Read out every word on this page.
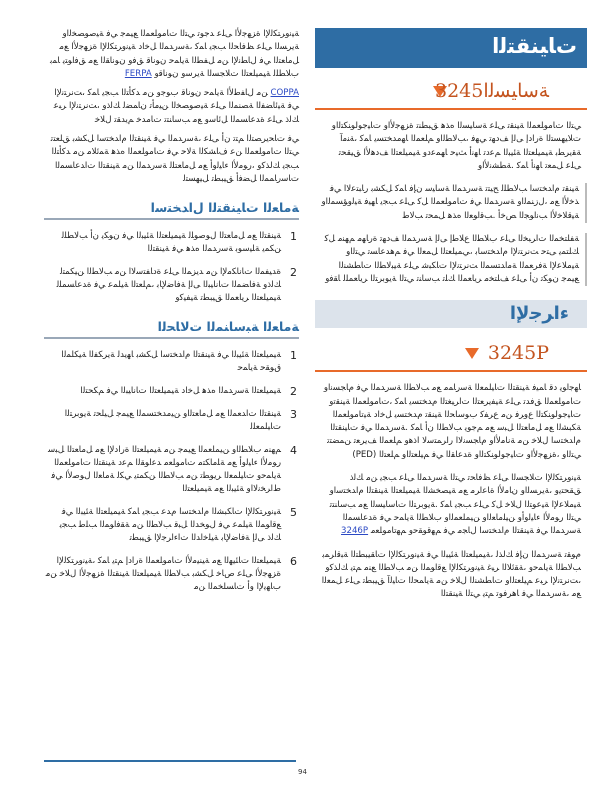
ﺕﺎﻴﻨﻘﺘﻟا
ﺔﺳﺎﻴﺴﻟا3245
ﻲﺘﻟا ﺕﺎﻣﻮﻠﻌﻤﻟا ﺔﻴﻨﻘﺗ ﻰﻠﻋ ﺔﺳﺎﻴﺴﻟا ﻩﺬﻫ ﻖﺒﻄﻨﺗ ﺓﺰﻬﺟﻷاﻭ ﺕﺎﻴﺟﻮﻟﻮﻨﻜﺘﻟاﻭ ﺕﻼﻴﻬﺴﺘﻟا ﺓﺭاﺩإ ﻰﻟإ ﻒﺩﻬﺗ ﻲﻬﻓ ،ﺐﻟﺎﻄﻟاﻭ ﻢﻠﻌﻤﻟا ﺎﻬﻣﺪﺨﺘﺴﻳ ﺎﻤﻛ ،ﺔﻨﻣﺁ ﺔﻘﻳﺮﻄﺑ ﺔﻴﻤﻴﻠﻌﺘﻟا ﺔﺌﻴﺒﻟا ﻢﻋﺩﺗ ﺎﻬﻧﺃ ﺚﻴﺣ ﺎﻬﻤﻋﺩﻭ ﺔﻴﻤﻴﻠﻌﺘﻟا ﻒﺩﻫﻷا ﻖﻴﻘﺤﺗ ﻰﻠﻋ ﻞﻤﻌﺗ ﺎﻬﻧﺃ ﺎﻤﻛ .ﺔﻄﺸﻧﻷاﻭ
ﺔﻴﻨﻘﺗ ﻡاﺪﺨﺘﺳا ﺐﻟﺎﻄﻠﻟ ﺢﻴﺘﺗ ﺔﺳﺭﺪﻤﻟا ﺔﺳﺎﻴﺳ ﻥﺈﻓ ﺎﻤﻛ ﻞﻜﺸﺑ ﺭﺎﺒﺘﻋﻻا ﻲﻓ ﺬﺧﻷا ﻊﻣ ،ﻝﺯﻨﻤﻟاﻭ ﺔﺳﺭﺪﻤﻟا ﻲﻓ ﺕﺎﻣﻮﻠﻌﻤﻟا ﻞﻛ ﻰﻠﻋ ﺐﺠﻳ ﺎﻬﻴﻓ ﺔﻴﻟﻭﺆﺴﻤﻟاﻭ ﺔﻴﻗﻼﺧﻷا ﺐﻧاﻮﺠﻟا ﺺﺧﺃ .ﺐﻗاﻮﻌﻟا ﻩﺬﻫ ﻞﻤﺤﺗ ﺐﻟﺎﻃ
ﺔﻔﻠﺘﺨﻤﻟا ﺕاﺮﺒﺨﻟا ﻰﻠﻋ ﺏﻼﻄﻟا ﻉﻼﻃﺇ ﻰﻟﺇ ﺔﺳﺭﺪﻤﻟا ﻒﺩﻬﺗ ﺓﺭﺎﻬﻣ ﻢﻬﻨﻣ ﻞﻛ ﻚﻠﺘﻤﻳ ﻰﺘﺣ ﺖﻧﺮﺘﻧﻹا ﻡاﺪﺨﺘﺳﺎﺑ ،ﻲﻤﻴﻠﻌﺘﻟا ﻞﻤﻌﻟا ﻲﻓ ﻢﻫﺪﻋﺎﺴﺗ ﻲﺘﻟاﻭ ﺔﻴﻣﻼﻋﻹا ﺔﻓﺮﻌﻤﻟا ﺔﻣاﺪﺘﺴﻤﻟا ﺖﻧﺮﺘﻧﻹا ﺕﺎﻜﺒﺷ ﻰﻠﻋ ﺔﻴﺒﻟﺎﻄﻟا ﺕﺎﻄﺸﻨﻟا ﻊﻴﻤﺟ ﻥﻮﻜﺗ ﻥﺃ ﻰﻠﻋ ﻒﻠﺘﺨﻣ ﺮﻳﺎﻌﻤﻟا ﻚﻠﺗ ﺐﺳﺎﻨﺗ ﻲﺘﻟا ﺔﻳﻮﺑﺮﺘﻟا ﺮﻳﺎﻌﻤﻠﻟ ﺎﻘﻓﻭ
ءاﺮﺟﻹا
3245P
ﺎﻬﺟﺍﻮﻳ ﺩﻗ ﺎﻤﻴﻓ ﺔﻴﻨﻘﺘﻟا ﺕﺎﻴﻠﻤﻌﻟا ﺔﺳﺭﺎﻤﻣ ﻊﻣ ﺐﻟﺎﻄﻟا ﺔﺳﺭﺪﻤﻟا ﻲﻓ ﻡﺎﺠﺴﻧاﻭ ﺕﺎﻣﻮﻠﻌﻤﻟا ﻖﻓﺪﺗ ﻰﻠﻋ ﺔﻴﻔﻳﺮﻌﺘﻟا ﺕاﺮﻴﻐﺘﻟا ﻡﺪﺨﺘﺴﻳ ﺎﻤﻛ ،ﺕﺎﻣﻮﻠﻌﻤﻟا ﺔﻴﻨﻘﺗﻭ ﺕﺎﻴﺟﻮﻟﻮﻨﻜﺘﻟا ﻉﻭﺮﻓ ﻦﻣ ﻉﺮﻔﻛ ﺏﻮﺳﺎﺤﻟا ﺔﻴﻨﻘﺗ ﻡﺪﺨﺘﺴﻳ ﻞﺧﺍﺩ ﺔﻴﺗﺎﻣﻮﻠﻌﻤﻟا ﺔﻜﺒﺸﻟا ﻊﻣ ﻞﻣﺎﻌﺘﻟا ﻞﺒﺳ ﻊﻣ ﻢﺟﻮﻳ ﺐﻟﺎﻄﻟا ﻥﺃ ﺎﻤﻛ .ﺔﺳﺭﺪﻤﻟا ﻲﻓ ﺕﺎﻴﻨﻘﺘﻟا ﻡاﺪﺨﺘﺳﺍ ﻝﻼﺧ ﻦﻣ ﺔﻧﺎﻣﻷاﻭ ﻡﺎﺠﺴﻧﻻا ﺭاﺮﻤﺘﺳﻻ ﺍﺫﻫﻭ ﻢﻠﻌﻤﻟا ﻒﻳﺮﻌﺗ ﻦﻤﻀﺘﺗ ﻲﺘﻟاﻭ ،ﺓﺰﻬﺟﻷاﻭ ﺕﺎﻴﺟﻮﻟﻮﻨﻜﺘﻟاﻭ ﺓﺪﻋﺎﻘﻟا ﻲﻓ ﻢﻴﻠﻌﺘﻟاﻭ ﻢﻠﻌﺘﻟا (PED)
ﺔﻴﻧﻭﺮﺘﻜﻟﻹا ﺕﻼﺠﺴﻟا ﻰﻠﻋ ﻆﻓﺎﺤﺗ ﻲﺘﻟا ﺔﺳﺭﺪﻤﻟا ﻰﻠﻋ ﺐﺠﻳ ﻦﻣ ﻚﻟﺫ ﻖﻘﺤﺘﻳﻭ ،ﺔﻳﺮﺴﻟاﻭ ﻥﺎﻣﻷا ﺓﺎﻋاﺮﻣ ﻊﻣ ﺔﻴﺼﺨﺸﻟا ﺔﻴﻤﻴﻠﻌﺘﻟا ﺔﻴﻨﻘﺘﻟا ﻡاﺪﺨﺘﺳاﻭ ﺔﻴﻣﻼﻋﻹا ﺔﻴﻋﻮﺘﻟا ﻝﻼﺧ ﻞﻛ ﻰﻠﻋ ﺐﺠﻳ ﺎﻤﻛ .ﺔﻳﻮﺑﺮﺘﻟا ﺕﺎﺳﺎﻴﺴﻟا ﻊﻣ ﺐﺳﺎﻨﺘﺗ ﻲﺘﻟا ﺭﻮﻣﻷا ءﺎﻴﻟﻭﺃﻭ ﻦﻴﻠﻣﺎﻌﻟاﻭ ﻦﻴﻤﻠﻌﻤﻟاﻭ ﺏﻼﻄﻟا ﺔﻳﺎﻤﺣ ﻲﻓ ﺓﺪﻋﺎﺴﻤﻟا ﺔﺳﺭﺪﻤﻟا ﻲﻓ ﺔﻴﻨﻘﺘﻟا ﻡاﺪﺨﺘﺳا ﻝﺎﺠﻣ ﻲﻓ ﻢﻬﻗﻮﻘﺣﻭ ﻢﻬﺗﺎﻣﻮﻠﻌﻣ 3246P
ﻡﻮﻘﺗ ﺔﺳﺭﺪﻤﻟا ﻥﺈﻓ ﻚﻟﺬﻟ ،ﺔﻴﻤﻴﻠﻌﺘﻟا ﺔﺌﻴﺒﻟا ﻲﻓ ﺔﻴﻧﻭﺮﺘﻜﻟﻹا ﺕﺎﻘﻴﺒﻄﺘﻟا ﺔﺒﻗاﺮﻤﺑ ﺐﻟﺎﻄﻟا ﺔﻳﺎﻤﺣﻭ ،ﺔﻘﺋﻼﻟا ﺮﻴﻏ ﺔﻴﻧﻭﺮﺘﻜﻟﻹا ﻊﻗاﻮﻤﻟا ﻦﻣ ﺐﻟﺎﻄﻟا ﻊﻨﻣ ﻢﺘﻳ ﻚﻟﺬﻛﻭ ،ﺖﻧﺮﺘﻧﻹا ﺮﺒﻋ ﻢﻴﻠﻌﺘﻟاﻭ ﺕﺎﻄﺸﻨﻟا ﻝﻼﺧ ﻦﻣ ﺔﻳﺎﻤﺤﻟا ﺕﺎﻴﻟﺁ ﻖﻴﺒﻄﺗ ﻰﻠﻋ ﻞﻤﻌﻟا ﻊﻣ ،ﺔﺳﺭﺪﻤﻟا ﻲﻓ ﺎﻫﺮﻓﻮﺗ ﻢﺘﻳ ﻲﺘﻟا ﺔﻴﻨﻘﺘﻟا
ﺔﻴﻧﻭﺮﺘﻜﻟﻹا ﺓﺰﻬﺟﻷا ﻰﻠﻋ ﺪﺟﻮﺗ ﻲﺘﻟا ﺕﺎﻣﻮﻠﻌﻤﻟا ﻊﻴﻤﺟ ﻲﻓ ﺔﻴﺻﻮﺼﺨﻟاﻭ ﺔﻳﺮﺴﻟا ﻰﻠﻋ ﻆﻓﺎﺤﻟا ﺐﺠﻳ ﺎﻤﻛ ،ﺔﺳﺭﺪﻤﻟا ﻞﺧاﺩ ﺔﻴﻧﻭﺮﺘﻜﻟﻹا ﺓﺰﻬﺟﻷا ﻊﻣ ﻞﻣﺎﻌﺘﻟا ﻲﻓ ﻝﺎﻄﻧﻹا ﻦﻣ ﻞﻔﻄﻟا ﺔﻳﺎﻤﺣ ﻥﻮﻧﺎﻗ ﻖﻓﻭ ﻥﻮﻧﺎﻘﻟا ﻊﻣ ﻖﻓﺍﻮﺘﻳ ﺎﻤﺑ ﺏﻼﻄﻠﻟ ﺔﻴﻤﻴﻠﻌﺘﻟا ﺕﻼﺠﺴﻟا ﺔﻳﺮﺳﻭ ﻥﻮﻧﺎﻗﻭ FERPA
COPPA ﻦﻣ ﻝﺎﻔﻃﻷا ﺔﻳﺎﻤﺣ ﻥﻮﻧﺎﻗ ﺏﻮﺟﻭ ﻦﻣ ﺪﻛﺄﺘﻟا ﺐﺠﻳ ﺎﻤﻛ ،ﺖﻧﺮﺘﻧﻹا ﻲﻓ ﺔﻴﺋﺎﻀﻔﻟا ﺔﺼﻨﻤﻟا ﻰﻠﻋ ﺔﻴﺻﻮﺼﺨﻟا ﻦﻴﻣﺄﺗ ﻥﺎﻤﻀﻟ ﻚﻟﺫﻭ ،ﺖﻧﺮﺘﻧﻹا ﺮﺒﻋ ﻚﻟﺫ ﻰﻠﻋ ﺓﺪﻋﺎﺴﻤﻟا ﻞﺋﺎﺳﻭ ﻊﻣ ﺐﺳﺎﻨﺘﺗ ﺕﺎﻣﺪﺧ ﻢﻳﺪﻘﺗ ﻝﻼﺧ
ﻲﻓ ﺕﺎﺤﻳﺮﺼﺘﻟا ﻢﺘﺗ ﻥﺃ ﻰﻠﻋ ،ﺔﺳﺭﺪﻤﻟا ﻲﻓ ﺔﻴﻨﻘﺘﻟا ﻡاﺪﺨﺘﺳا ﻞﻜﺸﺑ ﻖﻠﻌﺘﺗ ﻲﺘﻟا ﺕﺎﻣﻮﻠﻌﻤﻟا ﻦﻋ ﻑﺎﺸﻜﻟا ﺔﻟﺎﺣ ﻲﻓ ﺕﺎﻣﻮﻠﻌﻤﻟا ﻩﺬﻫ ﺔﻤﺋﻼﻣ ﻦﻣ ﺪﻛﺄﺘﻟا ﺐﺠﻳ ﻚﻟﺬﻛﻭ ،ﺭﻮﻣﻷا ءﺎﻴﻟﻭﺃ ﻊﻣ ﻞﻣﺎﻌﺘﻠﻟ ﺔﺳﺭﺪﻤﻟا ﻦﻣ ﺔﻴﻨﻘﺘﻟا ﺕاﺪﻋﺎﺴﻤﻟا ﺕﺎﺳﺭﺎﻤﻤﻟا ﻞﻀﻓﺃ ﻖﻴﺒﻄﺗ ﻞﻴﻬﺴﺘﻟ
ﺔﻣﺎﻌﻟا ﺕﺎﻴﻨﻘﺘﻟا ﻝاﺪﺨﺘﺳا
1
ﺔﻴﻨﻘﺘﻟا ﻊﻣ ﻞﻣﺎﻌﺘﻟا ﻝﻮﺻﻮﻠﻟ ﺔﻴﻤﻴﻠﻌﺘﻟا ﺔﺌﻴﺒﻟا ﻲﻓ ﻥﻮﻜﻳ ﻥﺃ ﺐﻟﺎﻄﻠﻟ ﻦﻜﻤﻳ ﺔﻠﻴﺳﻮﺑ ﺔﺳﺭﺪﻤﻟا ﻩﺬﻫ ﻲﻓ ﺔﻴﻨﻘﺘﻟا
2
ﺓﺪﻴﻔﻤﻟا ﺕﺎﻧﺎﻜﻣﻹا ﻦﻣ ﺪﻳﺰﻤﻟا ﻰﻠﻋ ﺓﺩﺎﻔﺘﺳﻻا ﻦﻣ ﺐﻟﺎﻄﻟا ﻦﻴﻜﻤﺘﻟ ﻚﻟﺫﻭ ﺔﻓﺎﻀﻤﻟا ﺕﺎﻧﺎﻴﺒﻟا ﻰﻟﺇ ﺔﻓﺎﺿﻹﺎﺑ ،ﻢﻠﻌﺘﻟا ﺔﻴﻠﻤﻋ ﻲﻓ ﺓﺪﻋﺎﺴﻤﻠﻟ ﺔﻴﻤﻴﻠﻌﺘﻟا ﺮﻳﺎﻌﻤﻟا ﻖﻴﺒﻄﺗ ﺔﻴﻔﻴﻛﻭ
ﺔﻣﺎﻌﻟا ﺔﺒﺳﺎﻨﻤﻟا ﺕﻻﺎﺤﻟا
1
ﺔﻴﻤﻴﻠﻌﺘﻟا ﺔﺌﻴﺒﻟا ﻲﻓ ﺔﻴﻨﻘﺘﻟا ﻡاﺪﺨﺘﺳا ﻞﻜﺸﺑ ﺎﻬﻳﺪﻟ ﺔﻳﺮﻜﻔﻟا ﺔﻴﻜﻠﻤﻟا ﻕﻮﻘﺣ ﺔﻳﺎﻤﺣ
2
ﺔﻴﻤﻴﻠﻌﺘﻟا ﺔﺳﺭﺪﻤﻟا ﻩﺬﻫ ﻞﺧﺍﺩ ﺔﻴﻤﻴﻠﻌﺘﻟا ﺕﺎﻧﺎﻴﺒﻟا ﻲﻓ ﻢﻜﺤﺘﻟا
3
ﺔﻴﻨﻘﺘﻟا ﺕاﺪﻌﻤﻟا ﻊﻣ ﻞﻣﺎﻌﺘﻟاﻭ ﻦﻴﻣﺪﺨﺘﺴﻤﻟا ﻊﻴﻤﺟ ﻞﻴﻠﺤﺗ ﺔﻳﻮﺑﺮﺘﻟا ﺕﺎﻴﻠﻤﻌﻠﻟ
4
ﻢﻬﻨﻣ ﺏﻼﻄﻟاﻭ ﻦﻴﻤﻠﻌﻤﻟا ﻊﻴﻤﺟ ﻦﻣ ﺔﻴﻤﻴﻠﻌﺘﻟا ﺓﺭاﺩﻹا ﻊﻣ ﻞﻣﺎﻌﺘﻟا ﻞﺒﺳ ﺭﻮﻣﻷا ءﺎﻴﻟﻭﺃ ﻊﻣ ﺔﻠﻣﺎﻜﺘﻣ ﺕﺎﻣﻮﻠﻌﻣ ﺪﻋاﻮﻘﻟا ﻢﻋﺩ ﺔﻴﻨﻘﺘﻟا ﺕﺎﻣﻮﻠﻌﻤﻟا ﺔﻳﺎﻤﺣﻭ ﺕﺎﻴﻠﻤﻌﻟا ﺮﻳﻮﻄﺗ ﻦﻣ ﺐﻟﺎﻄﻟا ﻦﻜﻤﺘﻳ ﻲﻜﻟ ﺔﻣﺎﻌﻟا ﻝﻮﺻﻷا ﻲﻓ ﻁاﺮﺨﻧﻻاﻭ ﺔﺌﻴﺒﻟا ﻊﻣ ﺔﻴﻤﻴﻠﻌﺘﻟا
5
ﺔﻴﻧﻭﺮﺘﻜﻟﻹا ﺕﺎﻜﺒﺸﻟا ﻡاﺪﺨﺘﺳﺍ ﻡﺪﻋ ﺐﺠﻳ ﺎﻤﻛ ﺔﻴﻤﻴﻠﻌﺘﻟا ﺔﺌﻴﺒﻟا ﻲﻓ ﻊﻗاﻮﻤﻟا ﺔﻴﻠﻤﻋ ﻲﻓ ﻝﻮﺨﺪﻟا ﻞﺒﻗ ﺐﻟﺎﻄﻟا ﻦﻣ ﺔﻘﻓاﻮﻤﻟا ﺐﻠﻃ ﺐﺠﻳ ﻚﻟﺫ ﻰﻟﺇ ﺔﻓﺎﺿﻹﺎﺑ ﺔﻴﻠﺧاﺪﻟا ﺕاءاﺮﺟﻹا ﻖﻴﺒﻄﺗ
6
ﺔﻴﻤﻴﻠﻌﺘﻟا ﺕﺎﺌﻴﻬﻟا ﻊﻣ ﺔﻴﻨﻴﻣﻷا ﺕﺎﻣﻮﻠﻌﻤﻟا ﺓﺭاﺩﺇ ﻢﺘﻳ ﺎﻤﻛ ،ﺔﻴﻧﻭﺮﺘﻜﻟﻹا ﺓﺰﻬﺟﻷا ﻰﻠﻋ ﺹﺎﺧ ﻞﻜﺸﺑ ﺐﻟﺎﻄﻟا ﺔﻴﻤﻴﻠﻌﺘﻟا ﺔﻴﻨﻘﺘﻟا ﺓﺰﻬﺟﻷا ﻝﻼﺧ ﻦﻣ ﺏﺎﻬﻳﻹا ﻭﺃ ﺕﺎﺴﻠﺨﻤﻟا ﻦﻣ
94
